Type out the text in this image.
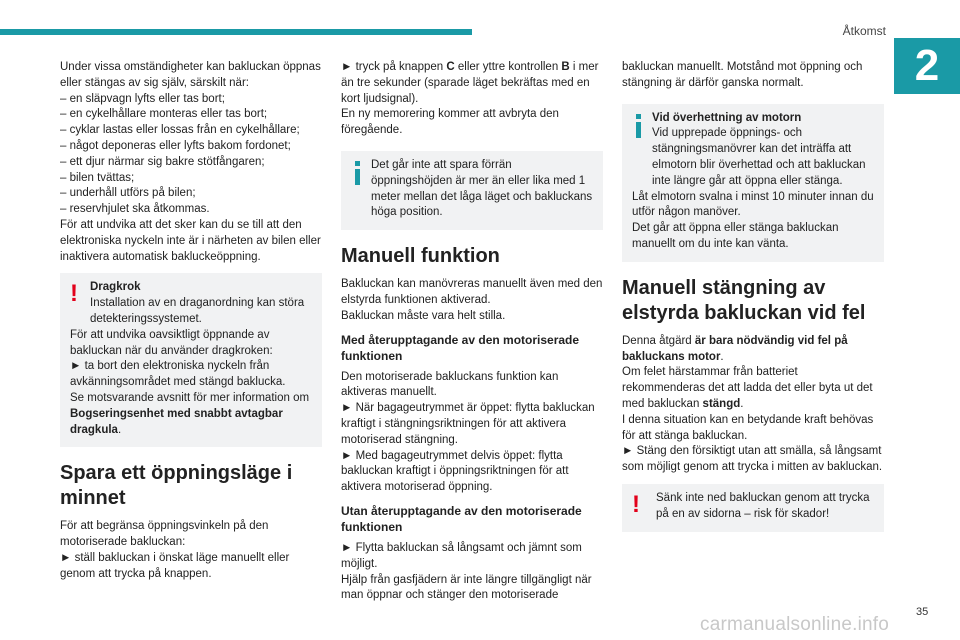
Åtkomst
2

Under vissa omständigheter kan bakluckan öppnas eller stängas av sig själv, särskilt när:

– en släpvagn lyfts eller tas bort;

– en cykelhållare monteras eller tas bort;

– cyklar lastas eller lossas från en cykelhållare;

– något deponeras eller lyfts bakom fordonet;

– ett djur närmar sig bakre stötfångaren;

– bilen tvättas;

– underhåll utförs på bilen;

– reservhjulet ska åtkommas.

För att undvika att det sker kan du se till att den elektroniska nyckeln inte är i närheten av bilen eller inaktivera automatisk bakluckeöppning.

!	Dragkrok

Installation av en draganordning kan störa detekteringssystemet.

För att undvika oavsiktligt öppnande av bakluckan när du använder dragkroken:

► ta bort den elektroniska nyckeln från avkänningsområdet med stängd bakluckа.

Se motsvarande avsnitt för mer information om Bogseringsenhet med snabbt avtagbar dragkula.

Spara ett öppningsläge i minnet

För att begränsa öppningsvinkeln på den motoriserade bakluckan:

► ställ bakluckan i önskat läge manuellt eller genom att trycka på knappen.

► tryck på knappen C eller yttre kontrollen B i mer än tre sekunder (sparade läget bekräftas med en kort ljudsignal).

En ny memorering kommer att avbryta den föregående.

Det går inte att spara förrän öppningshöjden är mer än eller lika med 1 meter mellan det låga läget och bakluckans höga position.

Manuell funktion

Bakluckan kan manövreras manuellt även med den elstyrda funktionen aktiverad.

Bakluckan måste vara helt stilla.

Med återupptagande av den motoriserade funktionen

Den motoriserade bakluckans funktion kan aktiveras manuellt.

► När bagageutrymmet är öppet: flytta bakluckan kraftigt i stängningsriktningen för att aktivera motoriserad stängning.

► Med bagageutrymmet delvis öppet: flytta bakluckan kraftigt i öppningsriktningen för att aktivera motoriserad öppning.

Utan återupptagande av den motoriserade funktionen

► Flytta bakluckan så långsamt och jämnt som möjligt.

Hjälp från gasfjädern är inte längre tillgängligt när man öppnar och stänger den motoriserade

bakluckan manuellt. Motstånd mot öppning och stängning är därför ganska normalt.

Vid överhettning av motorn

Vid upprepade öppnings- och stängningsmanövrer kan det inträffa att elmotorn blir överhettad och att bakluckan inte längre går att öppna eller stänga.

Låt elmotorn svalna i minst 10 minuter innan du utför någon manöver.

Det går att öppna eller stänga bakluckan manuellt om du inte kan vänta.

Manuell stängning av elstyrda bakluckan vid fel

Denna åtgärd är bara nödvändig vid fel på bakluckans motor.

Om felet härstammar från batteriet rekommenderas det att ladda det eller byta ut det med bakluckan stängd.

I denna situation kan en betydande kraft behövas för att stänga bakluckan.

► Stäng den försiktigt utan att smälla, så långsamt som möjligt genom att trycka i mitten av bakluckan.

!	Sänk inte ned bakluckan genom att trycka på en av sidorna – risk för skador!

carmanualsonline.info
35
